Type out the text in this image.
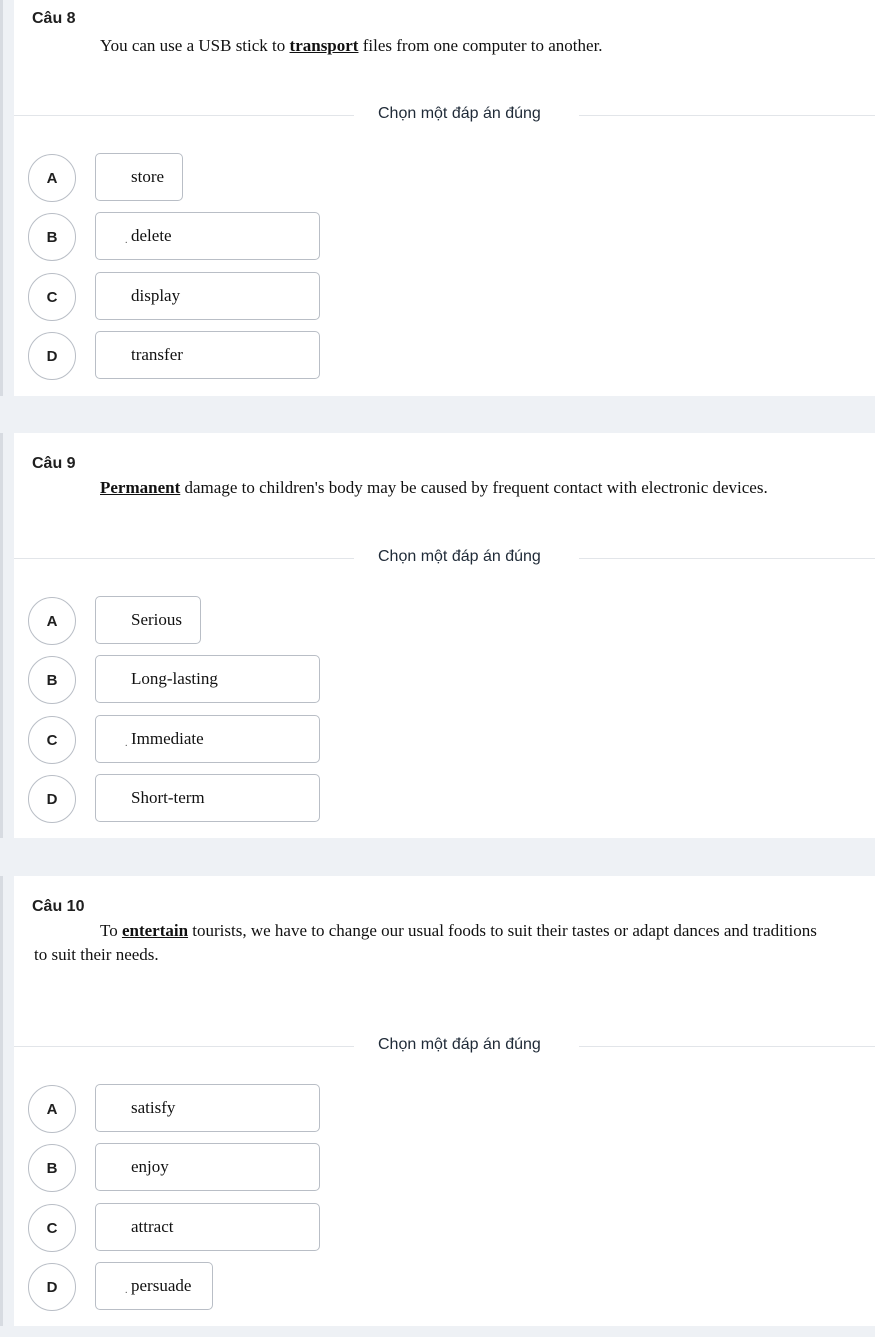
Câu 8
You can use a USB stick to transport files from one computer to another.
Chọn một đáp án đúng
A	store
B	. delete
C	display
D	transfer
Câu 9
Permanent damage to children's body may be caused by frequent contact with electronic devices.
Chọn một đáp án đúng
A	Serious
B	Long-lasting
C	. Immediate
D	Short-term
Câu 10
To entertain tourists, we have to change our usual foods to suit their tastes or adapt dances and traditions to suit their needs.
Chọn một đáp án đúng
A	satisfy
B	enjoy
C	attract
D	. persuade
